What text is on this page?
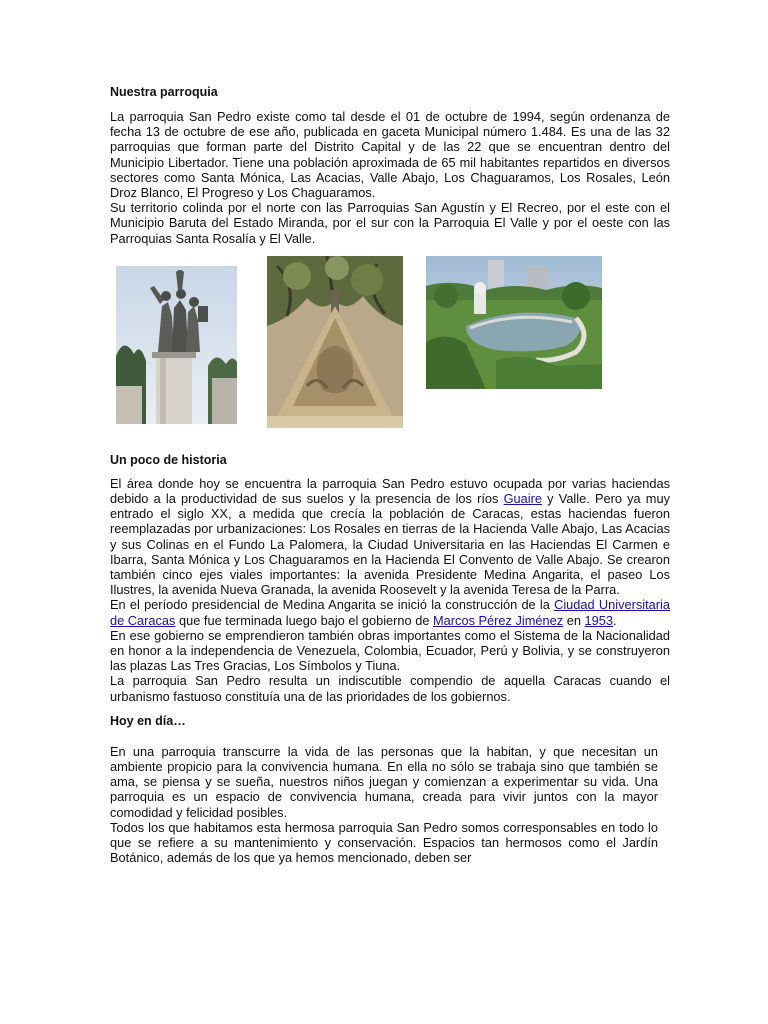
Nuestra parroquia

La parroquia San Pedro existe como tal desde el 01 de octubre de 1994, según ordenanza de fecha 13 de octubre de ese año, publicada en gaceta Municipal número 1.484. Es una de las 32 parroquias que forman parte del Distrito Capital y de las 22 que se encuentran dentro del Municipio Libertador. Tiene una población aproximada de 65 mil habitantes repartidos en diversos sectores como Santa Mónica, Las Acacias, Valle Abajo, Los Chaguaramos, Los Rosales, León Droz Blanco, El Progreso y Los Chaguaramos.

Su territorio colinda por el norte con las Parroquias San Agustín y El Recreo, por el este con el Municipio Baruta del Estado Miranda, por el sur con la Parroquia El Valle y por el oeste con las Parroquias Santa Rosalía y El Valle.

Un poco de historia

El área donde hoy se encuentra la parroquia San Pedro estuvo ocupada por varias haciendas debido a la productividad de sus suelos y la presencia de los ríos Guaire y Valle. Pero ya muy entrado el siglo XX, a medida que crecía la población de Caracas, estas haciendas fueron reemplazadas por urbanizaciones: Los Rosales en tierras de la Hacienda Valle Abajo, Las Acacias y sus Colinas en el Fundo La Palomera, la Ciudad Universitaria en las Haciendas El Carmen e Ibarra, Santa Mónica y Los Chaguaramos en la Hacienda El Convento de Valle Abajo. Se crearon también cinco ejes viales importantes: la avenida Presidente Medina Angarita, el paseo Los Ilustres, la avenida Nueva Granada, la avenida Roosevelt y la avenida Teresa de la Parra.

En el período presidencial de Medina Angarita se inició la construcción de la Ciudad Universitaria de Caracas que fue terminada luego bajo el gobierno de Marcos Pérez Jiménez en 1953.

En ese gobierno se emprendieron también obras importantes como el Sistema de la Nacionalidad en honor a la independencia de Venezuela, Colombia, Ecuador, Perú y Bolivia, y se construyeron las plazas Las Tres Gracias, Los Símbolos y Tiuna.

La parroquia San Pedro resulta un indiscutible compendio de aquella Caracas cuando el urbanismo fastuoso constituía una de las prioridades de los gobiernos.

Hoy en día…

En una parroquia transcurre la vida de las personas que la habitan, y que necesitan un ambiente propicio para la convivencia humana. En ella no sólo se trabaja sino que también se ama, se piensa y se sueña, nuestros niños juegan y comienzan a experimentar su vida. Una parroquia es un espacio de convivencia humana, creada para vivir juntos con la mayor comodidad y felicidad posibles.

Todos los que habitamos esta hermosa parroquia San Pedro somos corresponsables en todo lo que se refiere a su mantenimiento y conservación. Espacios tan hermosos como el Jardín Botánico, además de los que ya hemos mencionado, deben ser
